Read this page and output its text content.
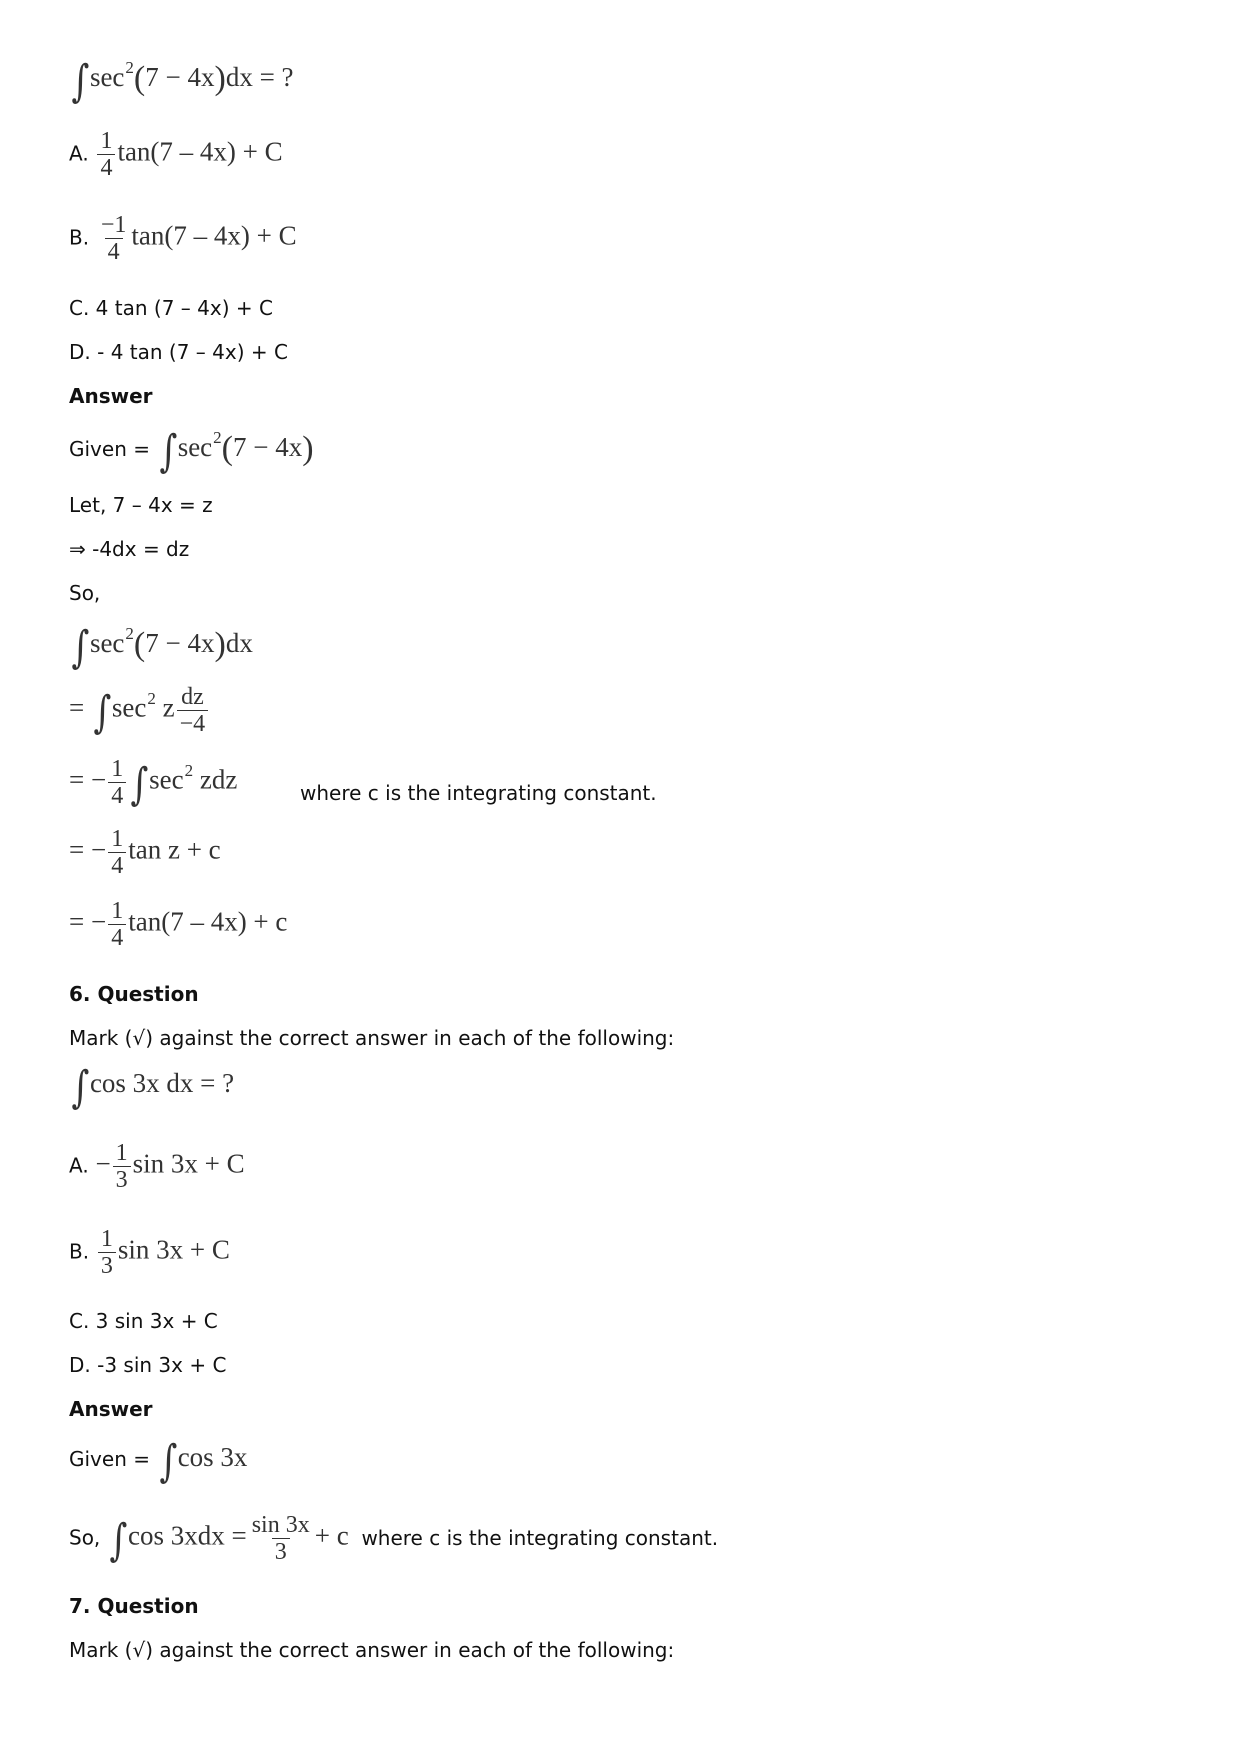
$\int\sec^2(7 - 4x)dx$ = ?
A. $\frac{1}{4} \tan(7 - 4x) + C$
B. $\frac{-1}{4} \tan(7 - 4x) + C$
C. 4 tan (7 – 4x) + C
D. - 4 tan (7 – 4x) + C
Answer
Given = $\int\sec^2(7 - 4x)$
Let, 7 – 4x = z
⇒ -4dx = dz
So,
$\int\sec^2(7 - 4x)dx$
= $\int\sec^2$ z $\frac{dz}{-4}$
= − $\frac{1}{4} \int\sec^2$ zdz	where c is the integrating constant.
= − $\frac{1}{4}$ tan z + c
= − $\frac{1}{4} \tan(7 - 4x) + c$
6. Question
Mark (√) against the correct answer in each of the following:
∫cos 3x dx = ?
A. − $\frac{1}{3}$ sin 3x + C
B. $\frac{1}{3}$ sin 3x + C
C. 3 sin 3x + C
D. -3 sin 3x + C
Answer
Given = ∫cos 3x
So, ∫cos $3xdx = \frac{\sin 3x}{3} + c$ where c is the integrating constant.
7. Question
Mark (√) against the correct answer in each of the following:
